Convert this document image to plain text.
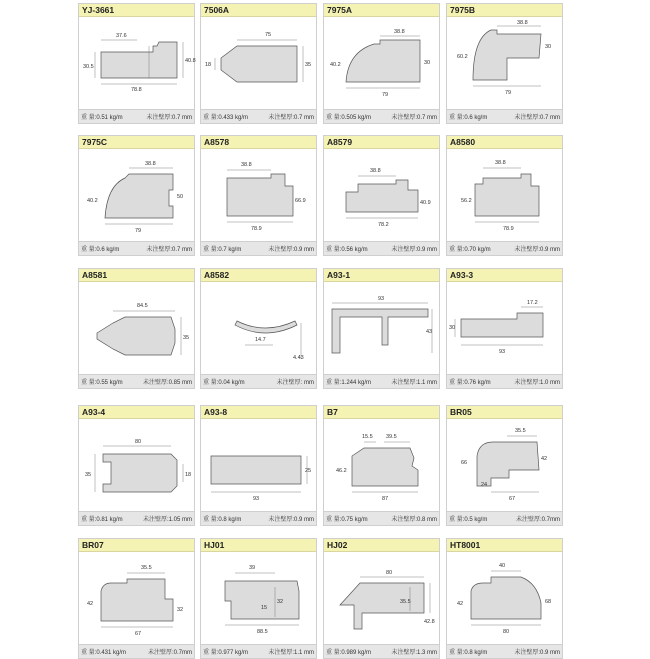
YJ-3661
37.6
40.8
30.5
78.8
重 量:0.51 kg/m	未注壁厚:0.7 mm
7506A
75
18	35
重 量:0.433 kg/m	未注壁厚:0.7 mm
7975A
38.8
40.2	30
79
重 量:0.505 kg/m	未注壁厚:0.7 mm
7975B
38.8
60.2
30
79
重 量:0.6 kg/m	未注壁厚:0.7 mm
7975C
38.8
40.2
50
79
重 量:0.6 kg/m	未注壁厚:0.7 mm
A8578
38.8
66.9
78.9
重 量:0.7 kg/m	未注壁厚:0.9 mm
A8579
38.8
40.9
78.2
重 量:0.56 kg/m	未注壁厚:0.9 mm
A8580
38.8
56.2
78.9
重 量:0.70 kg/m	未注壁厚:0.9 mm
A8581
84.5
35
重 量:0.55 kg/m	未注壁厚:0.85 mm
A8582
14.7
4.43
重 量:0.04 kg/m	未注壁厚: mm
A93-1
93
43
重 量:1.244 kg/m	未注壁厚:1.1 mm
A93-3
17.2
30
93
重 量:0.76 kg/m	未注壁厚:1.0 mm
A93-4
80
35	18
重 量:0.81 kg/m	未注壁厚:1.05 mm
A93-8
25
93
重 量:0.8 kg/m	未注壁厚:0.9 mm
B7
15.5 39.5
46.2
87
重 量:0.75 kg/m	未注壁厚:0.8 mm
BR05
35.5
66
42
24
67
重 量:0.5 kg/m	未注壁厚:0.7mm
BR07
35.5
42
32
67
重 量:0.431 kg/m	未注壁厚:0.7mm
HJ01
39
32
15
88.5
重 量:0.977 kg/m	未注壁厚:1.1 mm
HJ02
80
35.5
42.8
重 量:0.989 kg/m	未注壁厚:1.3 mm
HT8001
40
42	68
80
重 量:0.8 kg/m	未注壁厚:0.9 mm
